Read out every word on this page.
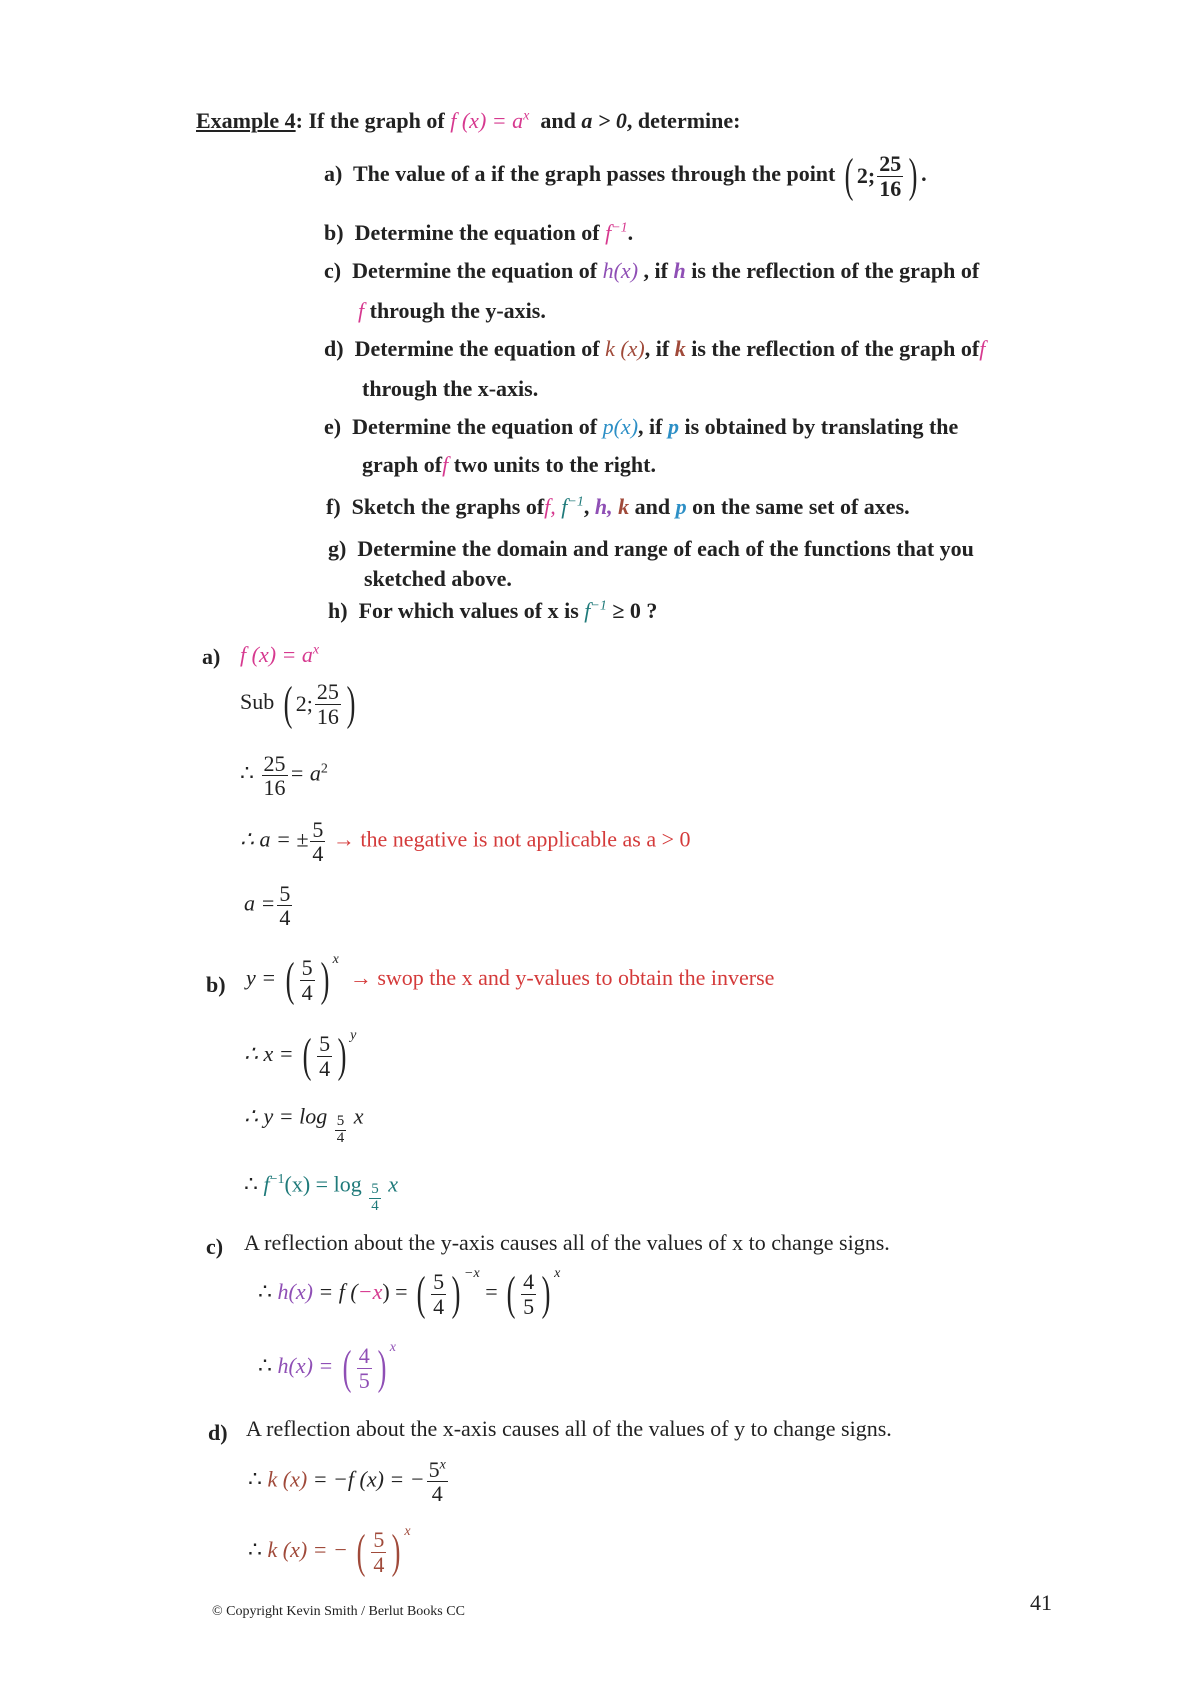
Example 4: If the graph of f $(x) = a^x$ and a > 0, determine:
a) The value of a if the graph passes through the point ( 2; $\frac{25}{16}$ ) .
b) Determine the equation of $f^{-1}$.
c) Determine the equation of h(x) , if h is the reflection of the graph of
f through the y-axis.
d) Determine the equation of k (x), if k is the reflection of the graph off
through the x-axis.
e) Determine the equation of p(x), if p is obtained by translating the
graph off two units to the right.
f) Sketch the graphs off, $f^{-1}$, h, k and p on the same set of axes.
g) Determine the domain and range of each of the functions that you
sketched above.
h) For which values of x is $f^{-1} \ge 0$ ?
a) f $(x) = a^x$
Sub ( 2; $\frac{25}{16}$ )
∴ $\frac{25}{16} = a^2$
∴ a = ± $\frac{5}{4}$ → the negative is not applicable as a > 0
$a = \frac{5}{4}$
b) y = ( $\frac{5}{4}$ ) $^x$  → swop the x and y-values to obtain the inverse
∴ x = ( $\frac{5}{4}$ ) $^y$
∴ $y = \log \frac{5}{4}$ x
∴ $f^{-1}(x) = \log \frac{5}{4}$ x
c) A reflection about the y-axis causes all of the values of x to change signs.
∴ h(x) = f (−x) = ( $\frac{5}{4}$ ) $^{-x}$ = ( $\frac{4}{5}$ ) $^x$
∴ h(x) = ( $\frac{4}{5}$ ) $^x$
d) A reflection about the x-axis causes all of the values of y to change signs.
∴ k (x) = −f (x) = − $\frac{5^x}{4}$
∴ k (x) = − ( $\frac{5}{4}$ ) $^x$
© Copyright Kevin Smith / Berlut Books CC	41
